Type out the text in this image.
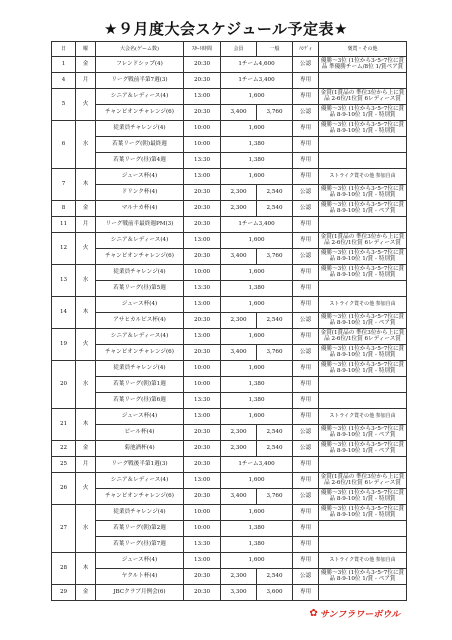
★９月度大会スケジュール予定表★
日	曜	大会名(ゲーム数)	ｽﾀｰﾄ時間	会員	一般	ﾊﾝﾃﾞｨ	褒賞・その他
1	金	フレンドシップ(4)	20:30	1チーム4,600		公認	優勝～3位 (1位から3ｰ5ｰ7位に賞
品 準優勝チーム/8位 1/賞ペア賞
4	月	リーグ戦前半第7週(3)	20:30	1チーム3,400		専用	
5	火	シニア＆レディース(4)	13:00	1,600		専用	金賞(1賞品の 準位3位から上に賞
品 2-6位/1位賞 6レディース賞
		チャンピオンチャレンジ(6)	20:30	3,400	3,760	公認	優勝～3位 (1位から3ｰ5ｰ7位に賞
品 8-9-10位 1/賞 - 特別賞
6	水	従業員チャレンジ(4)	10:00	1,600		専用	優勝～3位 (1位から3ｰ5ｰ7位に賞
品 8-9-10位 1/賞 - 特別賞
		若葉リーグ(朝)最終週	10:00	1,380		専用	
		若葉リーグ(昼)第4週	13:30	1,380		専用	
7	木	ジュース杯(4)	13:00	1,600		専用	ストライク賞その他 参加自由
		ドリンク杯(4)	20:30	2,300	2,540	公認	優勝～3位 (1位から3ｰ5ｰ7位に賞
品 8-9-10位 1/賞 - 特別賞
8	金	マルナカ杯(4)	20:30	2,300	2,540	公認	優勝～3位 (1位から3ｰ5ｰ7位に賞
品 8-9-10位 1/賞 - ペア賞
11	月	リーグ戦前半最終週PM(3)	20:30	1チーム3,400		専用	
12	火	シニア＆レディース(4)	13:00	1,600		専用	金賞(1賞品の 準位3位から上に賞
品 2-6位/1位賞 6レディース賞
		チャンピオンチャレンジ(6)	20:30	3,400	3,760	公認	優勝～3位 (1位から3ｰ5ｰ7位に賞
品 8-9-10位 1/賞 - 特別賞
13	水	従業員チャレンジ(4)	10:00	1,600		専用	優勝～3位 (1位から3ｰ5ｰ7位に賞
品 8-9-10位 1/賞 - 特別賞
		若葉リーグ(昼)第5週	13:30	1,380		専用	
14	木	ジュース杯(4)	13:00	1,600		専用	ストライク賞その他 参加自由
		アサヒカルピス杯(4)	20:30	2,300	2,540	公認	優勝～3位 (1位から3ｰ5ｰ7位に賞
品 8-9-10位 1/賞 - ペア賞
19	火	シニア＆レディース(4)	13:00	1,600		専用	金賞(1賞品の 準位3位から上に賞
品 2-6位/1位賞 6レディース賞
		チャンピオンチャレンジ(6)	20:30	3,400	3,760	公認	優勝～3位 (1位から3ｰ5ｰ7位に賞
品 8-9-10位 1/賞 - 特別賞
20	水	従業員チャレンジ(4)	10:00	1,600		専用	優勝～3位 (1位から3ｰ5ｰ7位に賞
品 8-9-10位 1/賞 - 特別賞
		若葉リーグ(朝)第1週	10:00	1,380		専用	
		若葉リーグ(昼)第6週	13:30	1,380		専用	
21	木	ジュース杯(4)	13:00	1,600		専用	ストライク賞その他 参加自由
		ビール杯(4)	20:30	2,300	2,540	公認	優勝～3位 (1位から3ｰ5ｰ7位に賞
品 8-9-10位 1/賞 - ペア賞
22	金	菊池酒杯(4)	20:30	2,300	2,540	公認	優勝～3位 (1位から3ｰ5ｰ7位に賞
品 8-9-10位 1/賞 - ペア賞
25	月	リーグ戦後半第1週(3)	20:30	1チーム3,400		専用	
26	火	シニア＆レディース(4)	13:00	1,600		専用	金賞(1賞品の 準位3位から上に賞
品 2-6位/1位賞 6レディース賞
		チャンピオンチャレンジ(6)	20:30	3,400	3,760	公認	優勝～3位 (1位から3ｰ5ｰ7位に賞
品 8-9-10位 1/賞 - 特別賞
27	水	従業員チャレンジ(4)	10:00	1,600		専用	優勝～3位 (1位から3ｰ5ｰ7位に賞
品 8-9-10位 1/賞 - 特別賞
		若葉リーグ(朝)第2週	10:00	1,380		専用	
		若葉リーグ(昼)第7週	13:30	1,380		専用	
28	木	ジュース杯(4)	13:00	1,600		専用	ストライク賞その他 参加自由
		ヤクルト杯(4)	20:30	2,300	2,540	公認	優勝～3位 (1位から3ｰ5ｰ7位に賞
品 8-9-10位 1/賞 - ペア賞
29	金	JBCクラブ月例会(6)	20:30	3,300	3,600	専用	
✿ サンフラワーボウル
